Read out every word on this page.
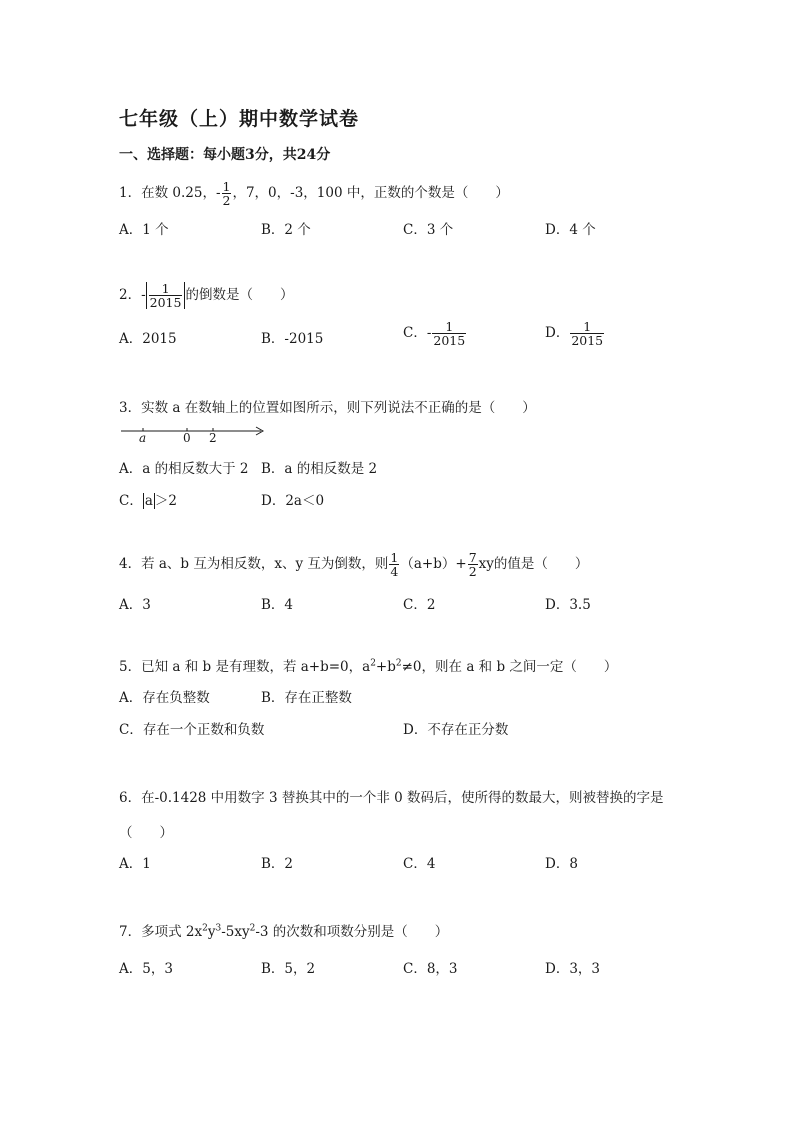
七年级（上）期中数学试卷
一、选择题：每小题3分，共24分
1．在数 0.25，- $\frac{1}{2}$ ，7，0，-3，100 中，正数的个数是（　　）
A．1 个	B．2 个	C．3 个	D．4 个
2．- $\frac{1}{2015}$ 的倒数是（　　）
A．2015	B．-2015	C．- $\frac{1}{2015}$	D． $\frac{1}{2015}$
3．实数 a 在数轴上的位置如图所示，则下列说法不正确的是（　　）
a	0 2
A．a 的相反数大于 2 B．a 的相反数是 2
C． a ＞2	D．2a＜0
4．若 a、b 互为相反数，x、y 互为倒数，则 $\frac{1}{4} (a+b)+ \frac{7}{2}$ xy的值是（　　）
A．3	B．4	C．2	D．3.5
5．已知 a 和 b 是有理数，若 a+b=0，$a^2+b^2\ne 0$，则在 a 和 b 之间一定（　　）
A．存在负整数	B．存在正整数
C．存在一个正数和负数	D．不存在正分数
6．在-0.1428 中用数字 3 替换其中的一个非 0 数码后，使所得的数最大，则被替换的字是
（　　）
A．1	B．2	C．4	D．8
7．多项式 $2x^2y^3-5xy^2-3$ 的次数和项数分别是（　　）
A．5，3	B．5，2	C．8，3	D．3，3
